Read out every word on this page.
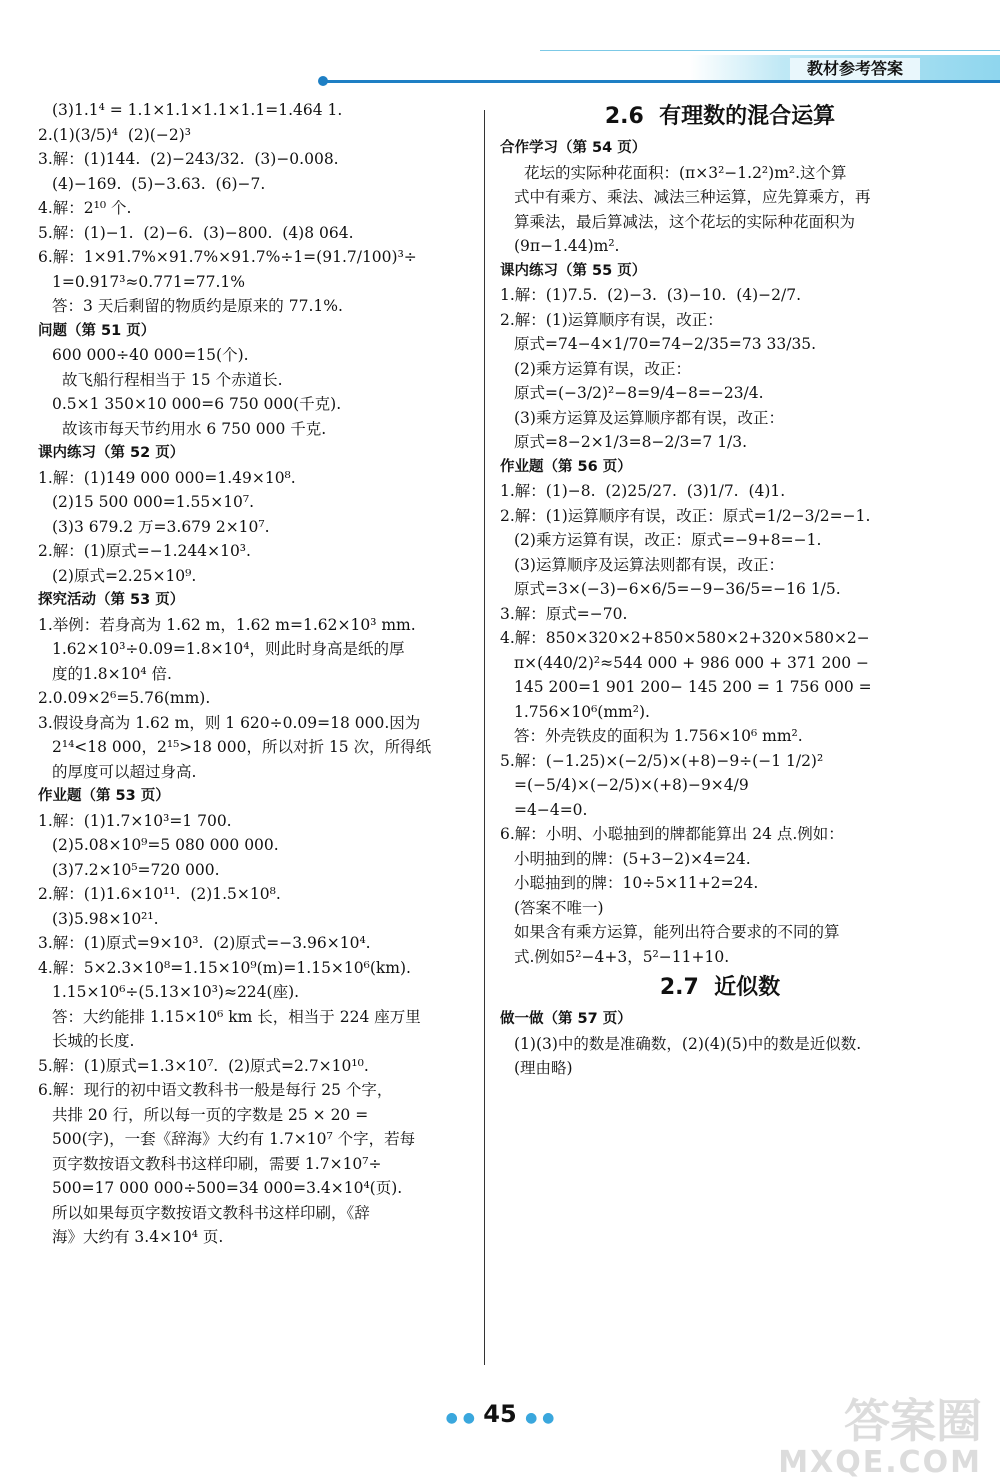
教材参考答案
(3)1.1⁴ = 1.1×1.1×1.1×1.1=1.464 1.
2.(1)(3/5)⁴  (2)(−2)³
3.解：(1)144.  (2)−243/32.  (3)−0.008.
(4)−169.  (5)−3.63.  (6)−7.
4.解：2¹⁰ 个.
5.解：(1)−1.  (2)−6.  (3)−800.  (4)8 064.
6.解：1×91.7%×91.7%×91.7%÷1=(91.7/100)³÷
1=0.917³≈0.771=77.1%
答：3 天后剩留的物质约是原来的 77.1%.
问题（第 51 页）
600 000÷40 000=15(个).
故飞船行程相当于 15 个赤道长.
0.5×1 350×10 000=6 750 000(千克).
故该市每天节约用水 6 750 000 千克.
课内练习（第 52 页）
1.解：(1)149 000 000=1.49×10⁸.
(2)15 500 000=1.55×10⁷.
(3)3 679.2 万=3.679 2×10⁷.
2.解：(1)原式=−1.244×10³.
(2)原式=2.25×10⁹.
探究活动（第 53 页）
1.举例：若身高为 1.62 m，1.62 m=1.62×10³ mm.
1.62×10³÷0.09=1.8×10⁴，则此时身高是纸的厚
度的1.8×10⁴ 倍.
2.0.09×2⁶=5.76(mm).
3.假设身高为 1.62 m，则 1 620÷0.09=18 000.因为
2¹⁴<18 000，2¹⁵>18 000，所以对折 15 次，所得纸
的厚度可以超过身高.
作业题（第 53 页）
1.解：(1)1.7×10³=1 700.
(2)5.08×10⁹=5 080 000 000.
(3)7.2×10⁵=720 000.
2.解：(1)1.6×10¹¹.  (2)1.5×10⁸.
(3)5.98×10²¹.
3.解：(1)原式=9×10³.  (2)原式=−3.96×10⁴.
4.解：5×2.3×10⁸=1.15×10⁹(m)=1.15×10⁶(km).
1.15×10⁶÷(5.13×10³)≈224(座).
答：大约能排 1.15×10⁶ km 长，相当于 224 座万里
长城的长度.
5.解：(1)原式=1.3×10⁷.  (2)原式=2.7×10¹⁰.
6.解：现行的初中语文教科书一般是每行 25 个字，
共排 20 行，所以每一页的字数是 25 × 20 =
500(字)，一套《辞海》大约有 1.7×10⁷ 个字，若每
页字数按语文教科书这样印刷，需要 1.7×10⁷÷
500=17 000 000÷500=34 000=3.4×10⁴(页).
所以如果每页字数按语文教科书这样印刷，《辞
海》大约有 3.4×10⁴ 页.
2.6  有理数的混合运算
合作学习（第 54 页）
花坛的实际种花面积：(π×3²−1.2²)m².这个算
式中有乘方、乘法、减法三种运算，应先算乘方，再
算乘法，最后算减法，这个花坛的实际种花面积为
(9π−1.44)m².
课内练习（第 55 页）
1.解：(1)7.5.  (2)−3.  (3)−10.  (4)−2/7.
2.解：(1)运算顺序有误，改正：
原式=74−4×1/70=74−2/35=73 33/35.
(2)乘方运算有误，改正：
原式=(−3/2)²−8=9/4−8=−23/4.
(3)乘方运算及运算顺序都有误，改正：
原式=8−2×1/3=8−2/3=7 1/3.
作业题（第 56 页）
1.解：(1)−8.  (2)25/27.  (3)1/7.  (4)1.
2.解：(1)运算顺序有误，改正：原式=1/2−3/2=−1.
(2)乘方运算有误，改正：原式=−9+8=−1.
(3)运算顺序及运算法则都有误，改正：
原式=3×(−3)−6×6/5=−9−36/5=−16 1/5.
3.解：原式=−70.
4.解：850×320×2+850×580×2+320×580×2−
π×(440/2)²≈544 000 + 986 000 + 371 200 −
145 200=1 901 200− 145 200 = 1 756 000 =
1.756×10⁶(mm²).
答：外壳铁皮的面积为 1.756×10⁶ mm².
5.解：(−1.25)×(−2/5)×(+8)−9÷(−1 1/2)²
=(−5/4)×(−2/5)×(+8)−9×4/9
=4−4=0.
6.解：小明、小聪抽到的牌都能算出 24 点.例如：
小明抽到的牌：(5+3−2)×4=24.
小聪抽到的牌：10÷5×11+2=24.
(答案不唯一)
如果含有乘方运算，能列出符合要求的不同的算
式.例如5²−4+3，5²−11+10.
2.7  近似数
做一做（第 57 页）
(1)(3)中的数是准确数，(2)(4)(5)中的数是近似数.
(理由略)
● ● 45 ● ●	答案圈
MXQE.COM
